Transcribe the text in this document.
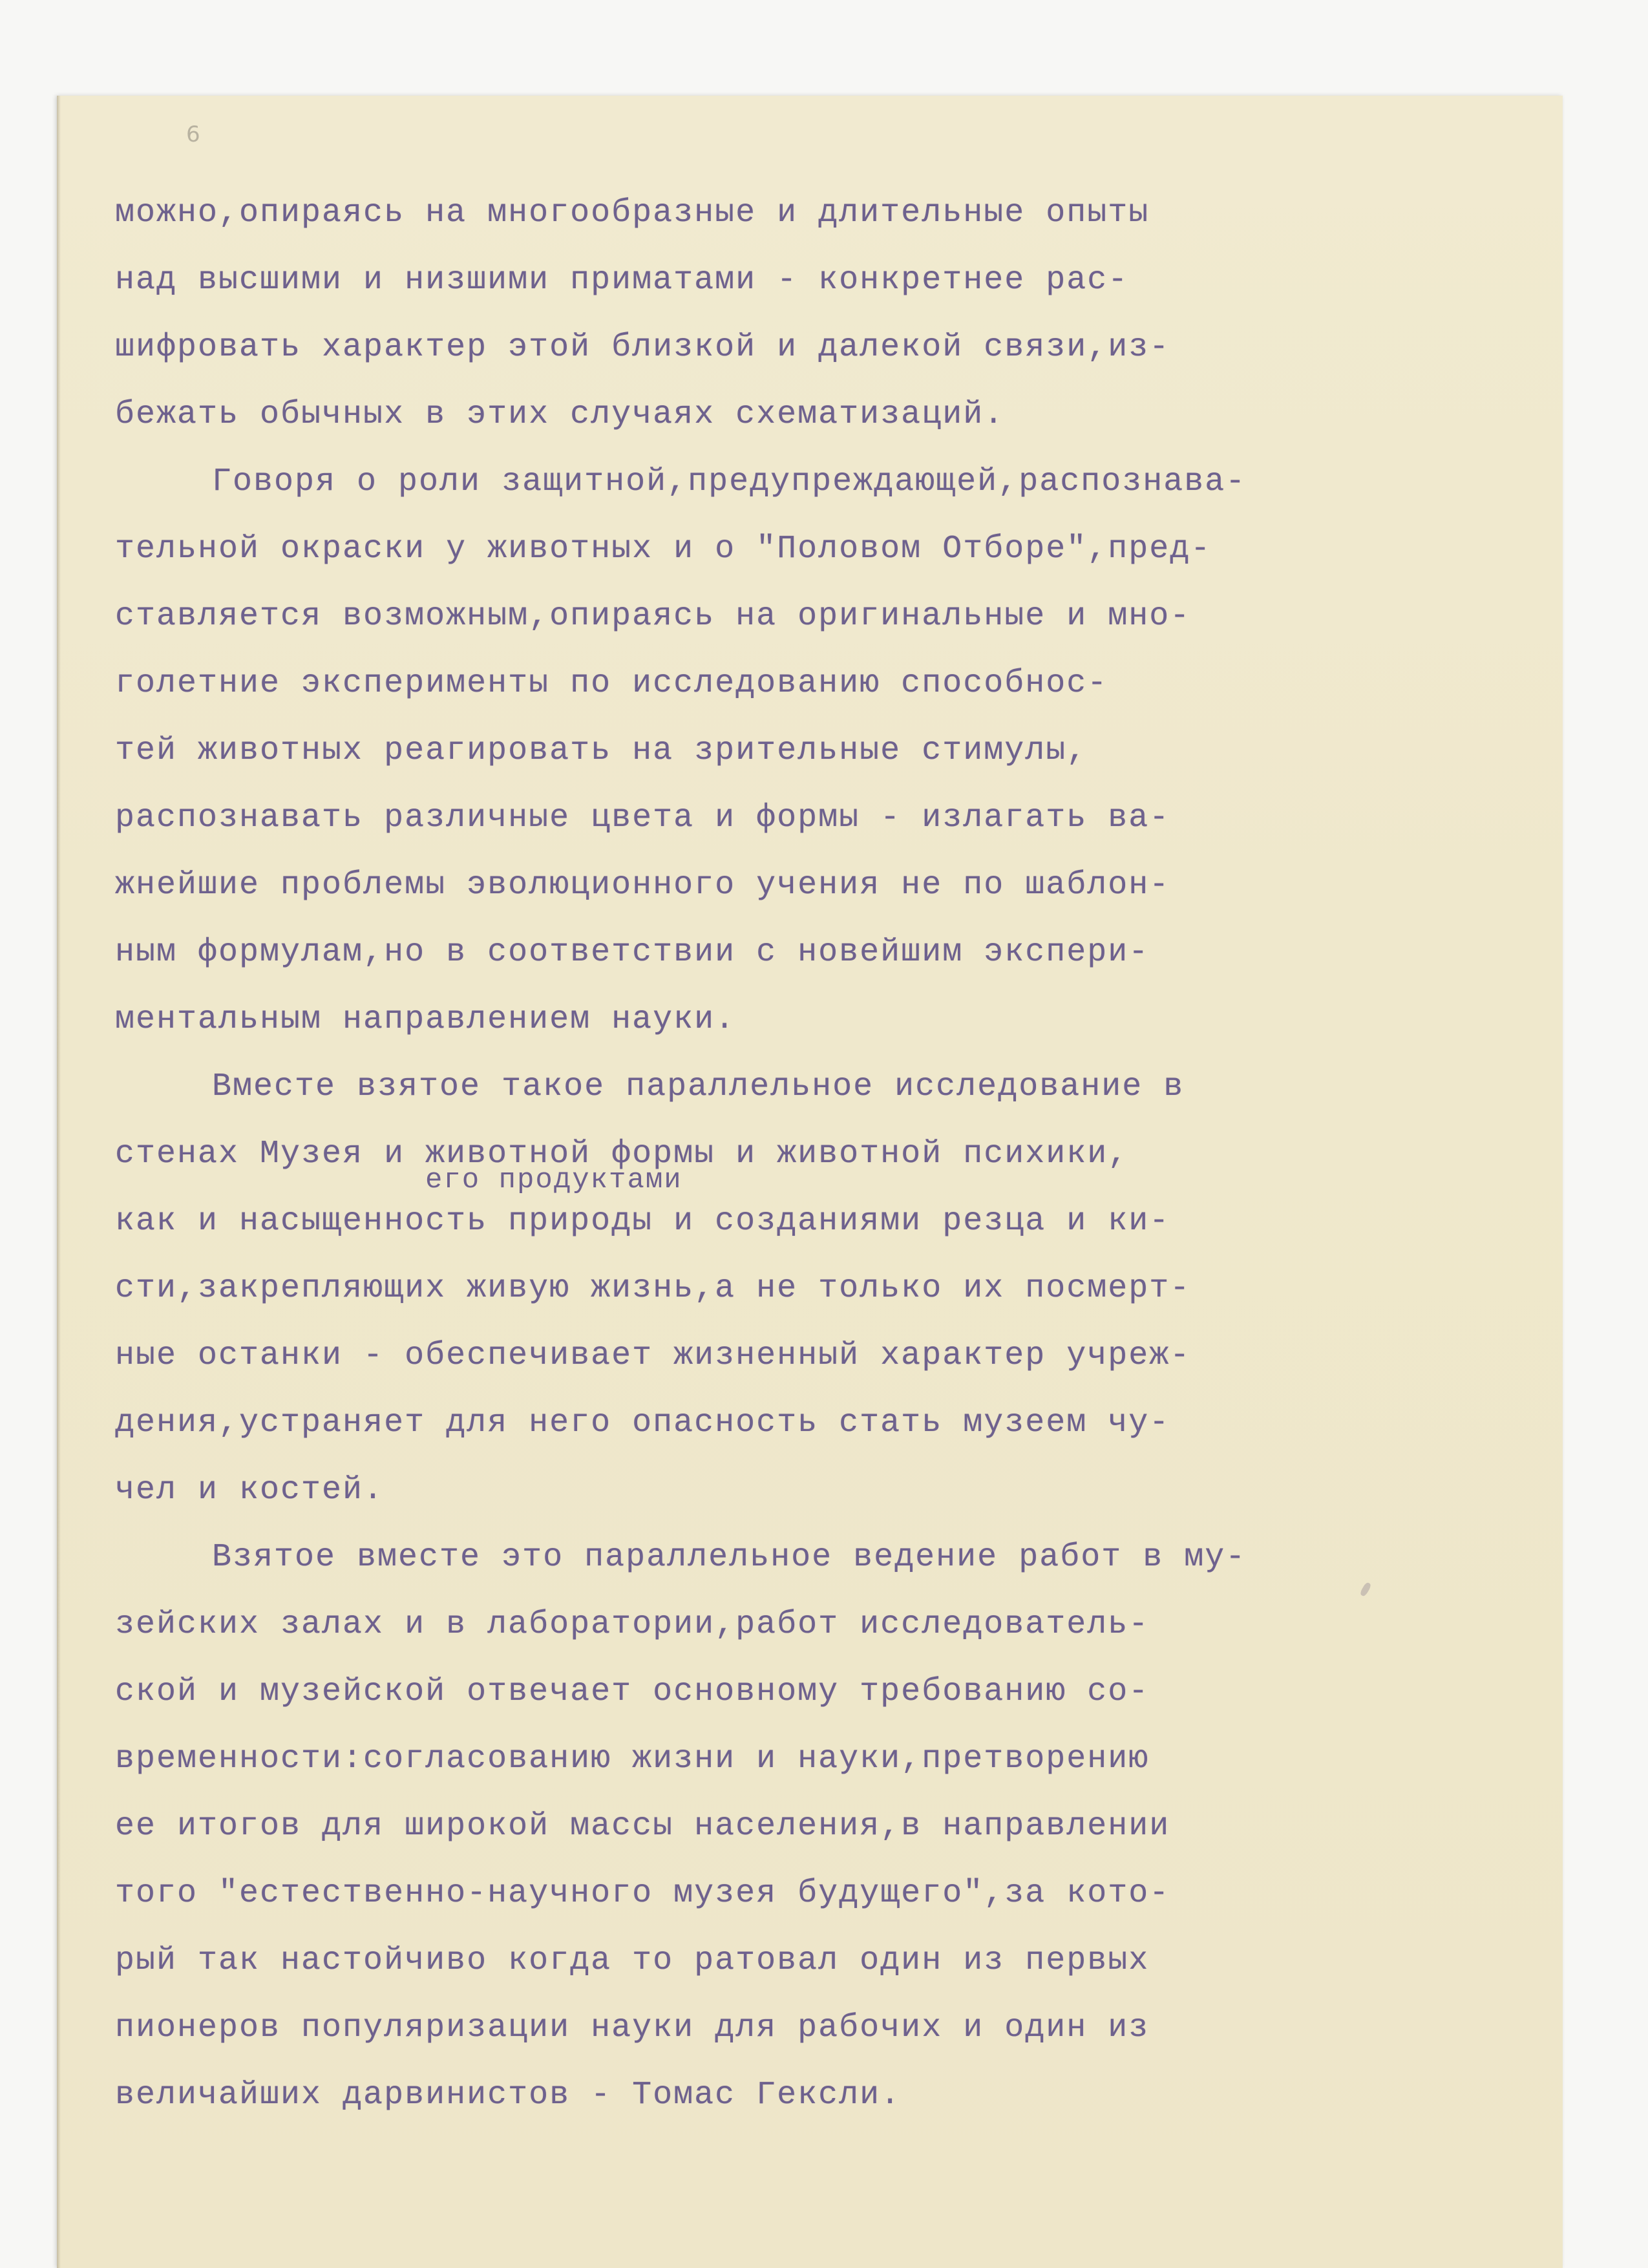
6
можно,опираясь на многообразные и длительные опыты
над высшими и низшими приматами - конкретнее рас-
шифровать характер этой близкой и далекой связи,из-
бежать обычных в этих случаях схематизаций.
Говоря о роли защитной,предупреждающей,распознава-
тельной окраски у животных и о "Половом Отборе",пред-
ставляется возможным,опираясь на оригинальные и мно-
голетние эксперименты по исследованию способнос-
тей животных реагировать на зрительные стимулы,
распознавать различные цвета и формы - излагать ва-
жнейшие проблемы эволюционного учения не по шаблон-
ным формулам,но в соответствии с новейшим экспери-
ментальным направлением науки.
Вместе взятое такое параллельное исследование в
стенах Музея и животной формы и животной психики,
как и насыщенность природы и созданиями резца и ки-
сти,закрепляющих живую жизнь,а не только их посмерт-
ные останки - обеспечивает жизненный характер учреж-
дения,устраняет для него опасность стать музеем чу-
чел и костей.
Взятое вместе это параллельное ведение работ в му-
зейских залах и в лаборатории,работ исследователь-
ской и музейской отвечает основному требованию со-
временности:согласованию жизни и науки,претворению
ее итогов для широкой массы населения,в направлении
того "естественно-научного музея будущего",за кото-
рый так настойчиво когда то ратовал один из первых
пионеров популяризации науки для рабочих и один из
величайших дарвинистов - Томас Гексли.
его продуктами
